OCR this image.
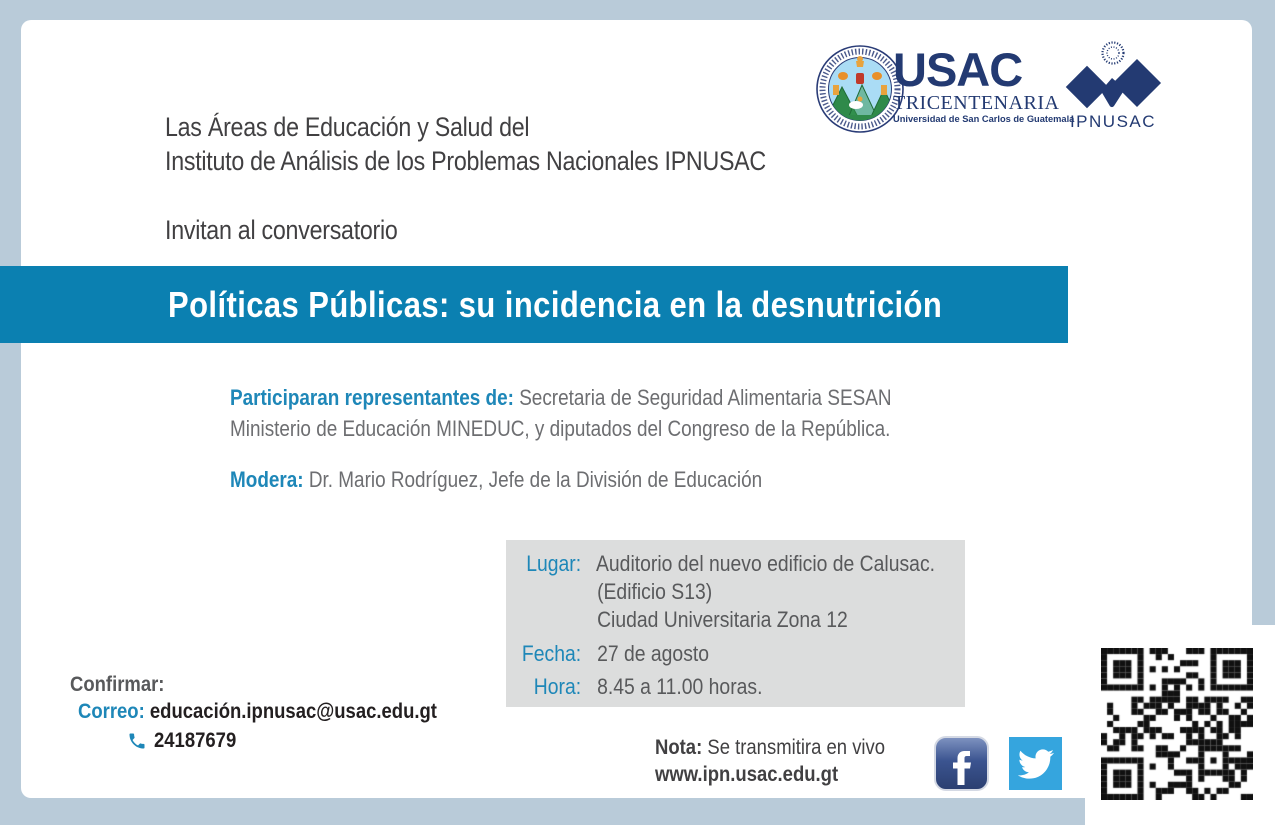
USAC
TRICENTENARIA
Universidad de San Carlos de Guatemala
IPNUSAC
Las Áreas de Educación y Salud del
Instituto de Análisis de los Problemas Nacionales IPNUSAC
Invitan al conversatorio
Políticas Públicas: su incidencia en la desnutrición
Participaran representantes de: Secretaria de Seguridad Alimentaria SESAN
Ministerio de Educación MINEDUC, y diputados del Congreso de la República.
Modera: Dr. Mario Rodríguez, Jefe de la División de Educación
Lugar: Auditorio del nuevo edificio de Calusac.
(Edificio S13)
Ciudad Universitaria Zona 12
Fecha: 27 de agosto
Hora: 8.45 a 11.00 horas.
Confirmar:
Correo: educación.ipnusac@usac.edu.gt
24187679	Nota: Se transmitira en vivo
www.ipn.usac.edu.gt
